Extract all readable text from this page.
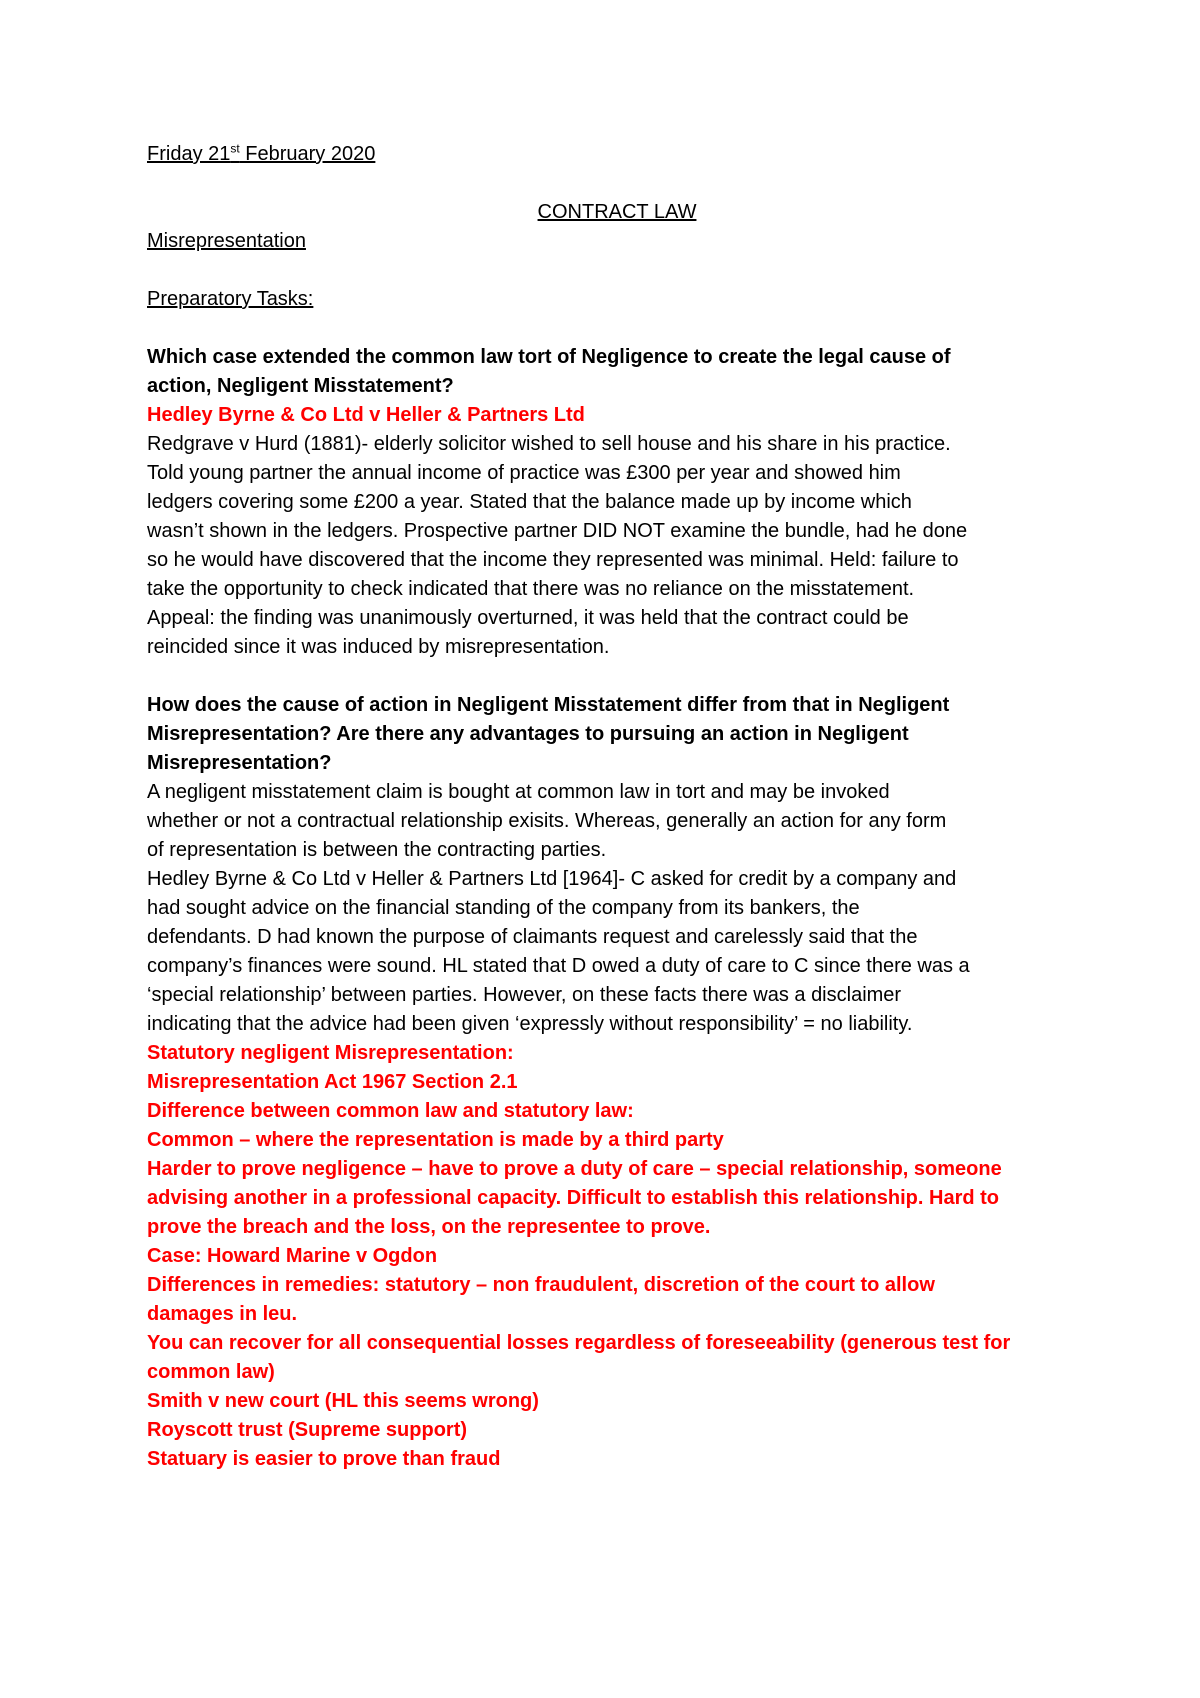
Friday 21st February 2020
CONTRACT LAW
Misrepresentation
Preparatory Tasks:
Which case extended the common law tort of Negligence to create the legal cause of
action, Negligent Misstatement?
Hedley Byrne & Co Ltd v Heller & Partners Ltd
Redgrave v Hurd (1881)- elderly solicitor wished to sell house and his share in his practice.
Told young partner the annual income of practice was £300 per year and showed him
ledgers covering some £200 a year. Stated that the balance made up by income which
wasn’t shown in the ledgers. Prospective partner DID NOT examine the bundle, had he done
so he would have discovered that the income they represented was minimal. Held: failure to
take the opportunity to check indicated that there was no reliance on the misstatement.
Appeal: the finding was unanimously overturned, it was held that the contract could be
reincided since it was induced by misrepresentation.
How does the cause of action in Negligent Misstatement differ from that in Negligent
Misrepresentation? Are there any advantages to pursuing an action in Negligent
Misrepresentation?
A negligent misstatement claim is bought at common law in tort and may be invoked
whether or not a contractual relationship exisits. Whereas, generally an action for any form
of representation is between the contracting parties.
Hedley Byrne & Co Ltd v Heller & Partners Ltd [1964]- C asked for credit by a company and
had sought advice on the financial standing of the company from its bankers, the
defendants. D had known the purpose of claimants request and carelessly said that the
company’s finances were sound. HL stated that D owed a duty of care to C since there was a
‘special relationship’ between parties. However, on these facts there was a disclaimer
indicating that the advice had been given ‘expressly without responsibility’ = no liability.
Statutory negligent Misrepresentation:
Misrepresentation Act 1967 Section 2.1
Difference between common law and statutory law:
Common – where the representation is made by a third party
Harder to prove negligence – have to prove a duty of care – special relationship, someone
advising another in a professional capacity. Difficult to establish this relationship. Hard to
prove the breach and the loss, on the representee to prove.
Case: Howard Marine v Ogdon
Differences in remedies: statutory – non fraudulent, discretion of the court to allow
damages in leu.
You can recover for all consequential losses regardless of foreseeability (generous test for
common law)
Smith v new court (HL this seems wrong)
Royscott trust (Supreme support)
Statuary is easier to prove than fraud
